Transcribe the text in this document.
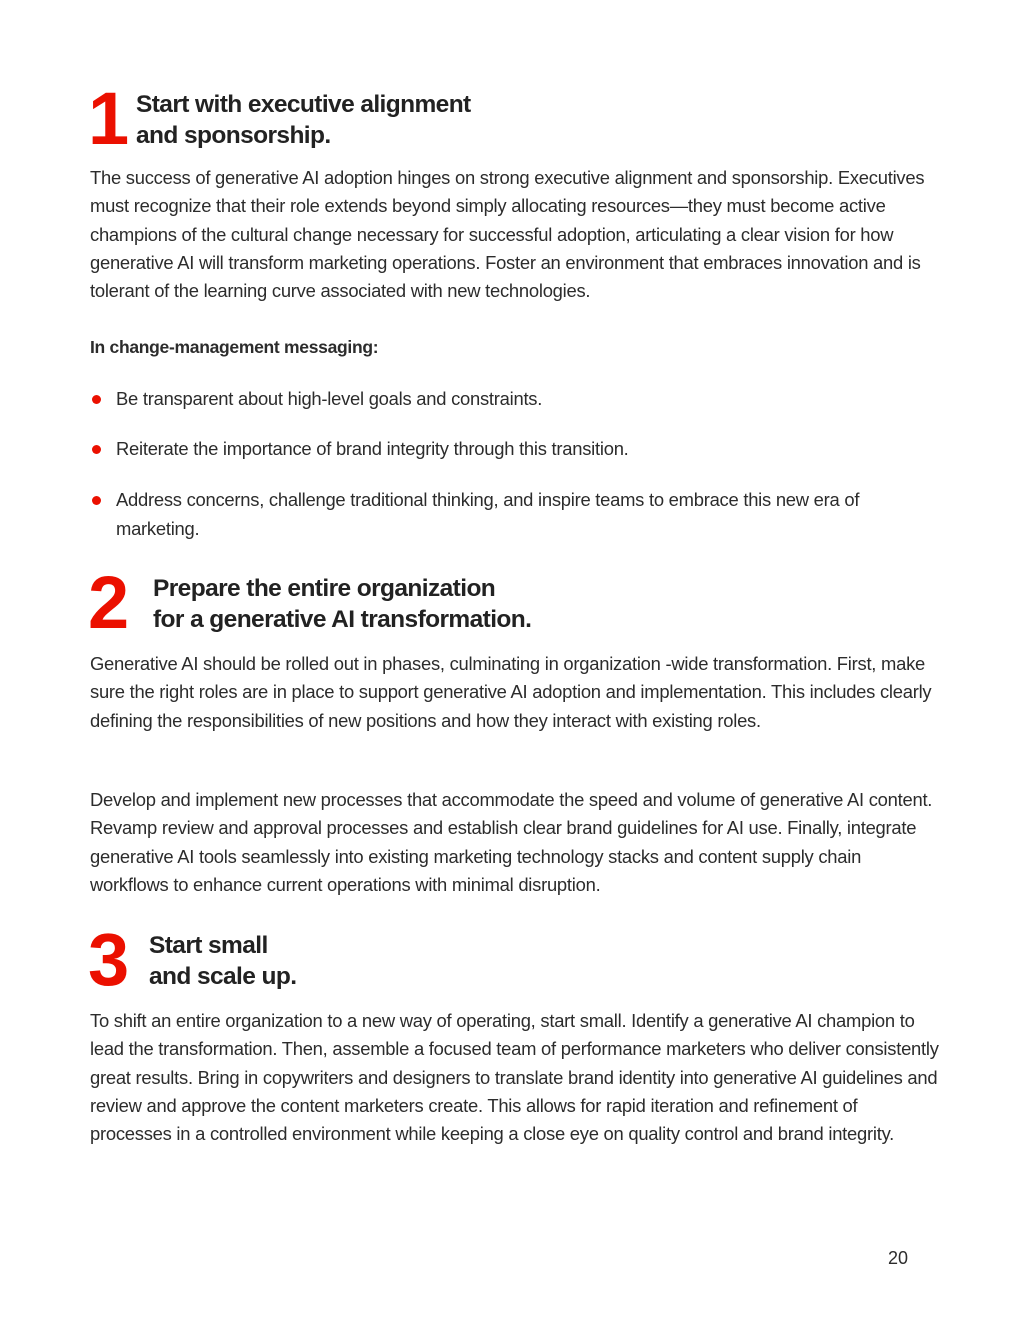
1 Start with executive alignment
and sponsorship.

The success of generative AI adoption hinges on strong executive alignment and sponsorship. Executives must recognize that their role extends beyond simply allocating resources—they must become active champions of the cultural change necessary for successful adoption, articulating a clear vision for how generative AI will transform marketing operations. Foster an environment that embraces innovation and is tolerant of the learning curve associated with new technologies.

In change-management messaging:

Be transparent about high-level goals and constraints.
Reiterate the importance of brand integrity through this transition.
Address concerns, challenge traditional thinking, and inspire teams to embrace this new era of marketing.
2	Prepare the entire organization
for a generative AI transformation.

Generative AI should be rolled out in phases, culminating in organization -wide transformation. First, make sure the right roles are in place to support generative AI adoption and implementation. This includes clearly defining the responsibilities of new positions and how they interact with existing roles.

Develop and implement new processes that accommodate the speed and volume of generative AI content. Revamp review and approval processes and establish clear brand guidelines for AI use. Finally, integrate generative AI tools seamlessly into existing marketing technology stacks and content supply chain workflows to enhance current operations with minimal disruption.

3 Start small
and scale up.

To shift an entire organization to a new way of operating, start small. Identify a generative AI champion to lead the transformation. Then, assemble a focused team of performance marketers who deliver consistently great results. Bring in copywriters and designers to translate brand identity into generative AI guidelines and review and approve the content marketers create. This allows for rapid iteration and refinement of processes in a controlled environment while keeping a close eye on quality control and brand integrity.

20
